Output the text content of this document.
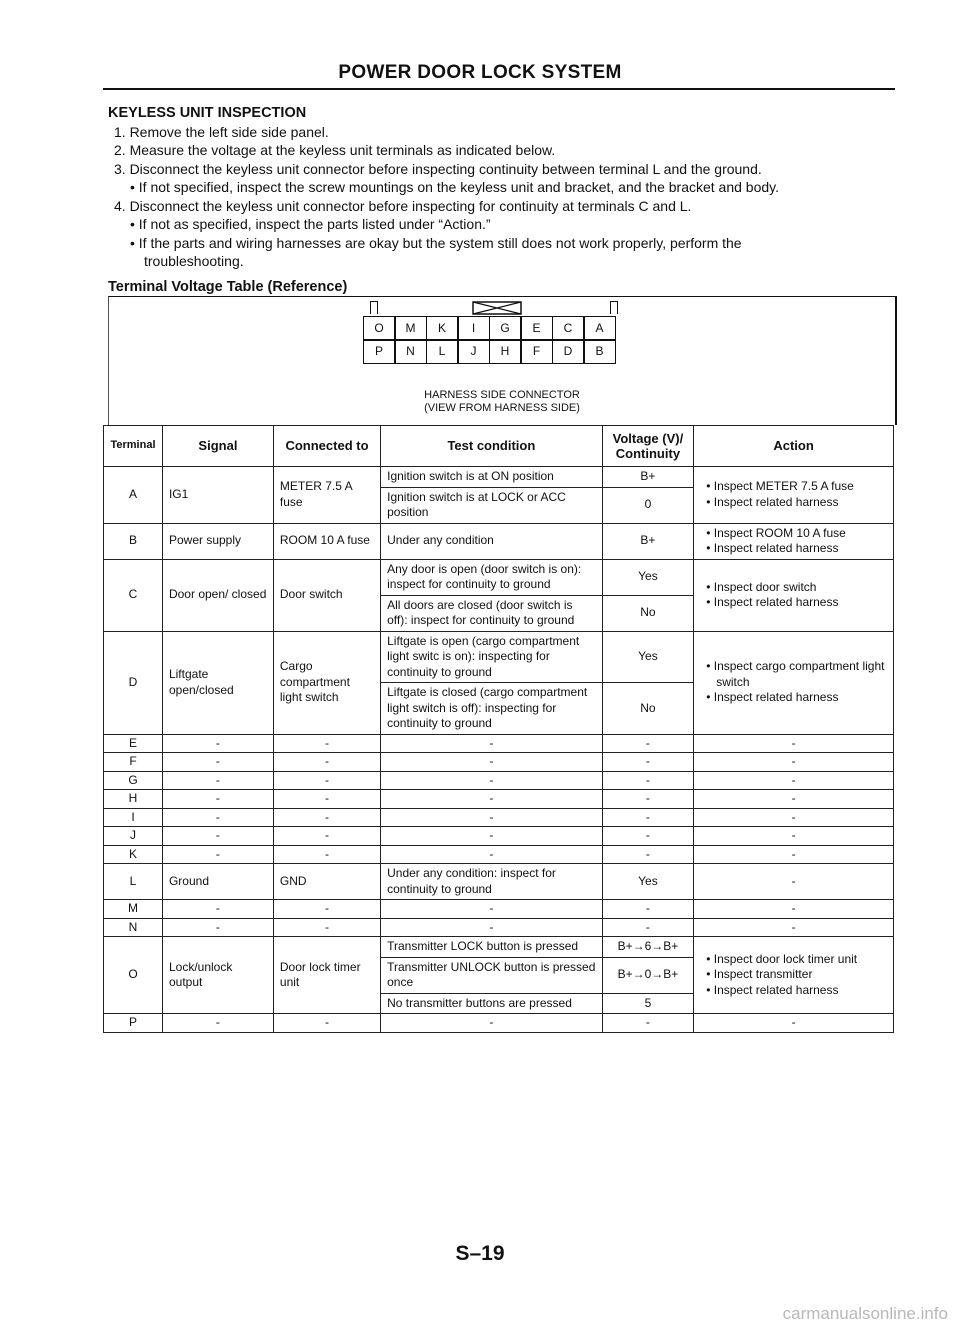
POWER DOOR LOCK SYSTEM
KEYLESS UNIT INSPECTION
1. Remove the left side side panel.
2. Measure the voltage at the keyless unit terminals as indicated below.
3. Disconnect the keyless unit connector before inspecting continuity between terminal L and the ground.
• If not specified, inspect the screw mountings on the keyless unit and bracket, and the bracket and body.
4. Disconnect the keyless unit connector before inspecting for continuity at terminals C and L.
• If not as specified, inspect the parts listed under “Action.”
• If the parts and wiring harnesses are okay but the system still does not work properly, perform the
troubleshooting.
Terminal Voltage Table (Reference)
O	M	K	I	G	E	C	A
P	N	L	J	H	F	D	B
HARNESS SIDE CONNECTOR
(VIEW FROM HARNESS SIDE)
Terminal	Signal	Connected to	Test condition	Voltage (V)/
Continuity	Action
A	IG1	METER 7.5 A fuse	Ignition switch is at ON position	B+	• Inspect METER 7.5 A fuse
• Inspect related harness

			Ignition switch is at LOCK or ACC position	0	
B	Power supply	ROOM 10 A fuse	Under any condition	B+	• Inspect ROOM 10 A fuse
• Inspect related harness

C	Door open/ closed	Door switch	Any door is open (door switch is on): inspect for continuity to ground	Yes	• Inspect door switch
• Inspect related harness

			All doors are closed (door switch is off): inspect for continuity to ground	No	
D	Liftgate open/closed	Cargo compartment light switch	Liftgate is open (cargo compartment light switc is on): inspecting for continuity to ground	Yes	• Inspect cargo compartment light switch
• Inspect related harness

			Liftgate is closed (cargo compartment light switch is off): inspecting for continuity to ground	No	
E	-	-	-	-	-
F	-	-	-	-	-
G	-	-	-	-	-
H	-	-	-	-	-
I	-	-	-	-	-
J	-	-	-	-	-
K	-	-	-	-	-
L	Ground	GND	Under any condition: inspect for continuity to ground	Yes	-
M	-	-	-	-	-
N	-	-	-	-	-
O	Lock/unlock output	Door lock timer unit	Transmitter LOCK button is pressed	B+→6→B+	• Inspect door lock timer unit
• Inspect transmitter
• Inspect related harness

			Transmitter UNLOCK button is pressed once	B+→0→B+	
			No transmitter buttons are pressed	5	
P	-	-	-	-	-
S–19
carmanualsonline.info
